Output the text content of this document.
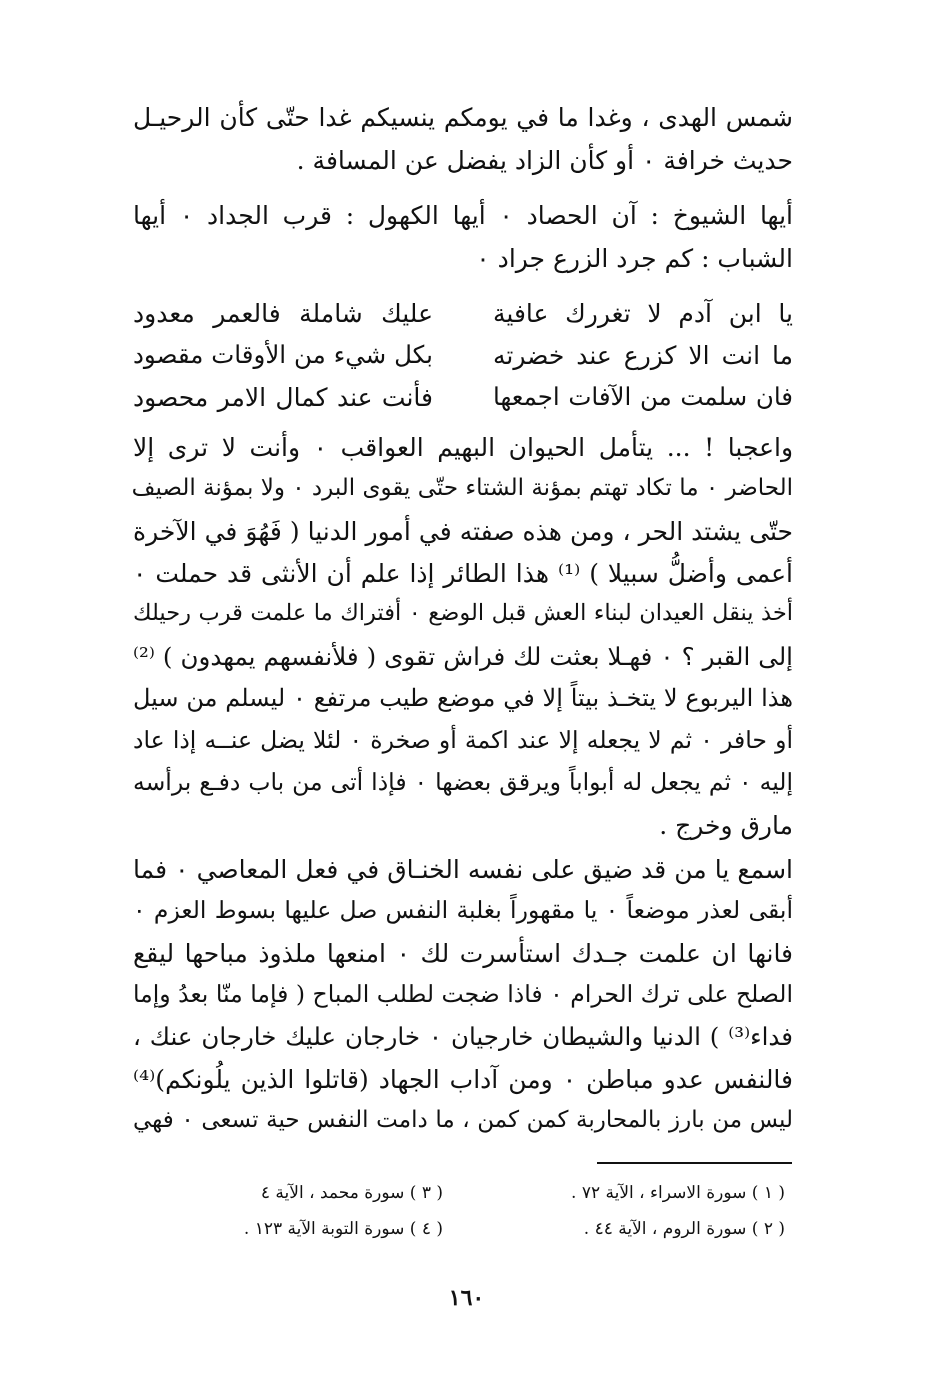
شمس الهدى ، وغدا ما في يومكم ينسيكم غدا حتّى كأن الرحيـل
حديث خرافة ٠ أو كأن الزاد يفضل عن المسافة .
أيها الشيوخ : آن الحصاد ٠ أيها الكهول : قرب الجداد ٠ أيها
الشباب : كم جرد الزرع جراد ٠
يا ابن آدم لا تغررك عافية
عليك شاملة فالعمر معدود
ما انت الا كزرع عند خضرته
بكل شيء من الأوقات مقصود
فان سلمت من الآفات اجمعها
فأنت عند كمال الامر محصود
واعجبا ! ... يتأمل الحيوان البهيم العواقب ٠ وأنت لا ترى إلا
الحاضر ٠ ما تكاد تهتم بمؤنة الشتاء حتّى يقوى البرد ٠ ولا بمؤنة الصيف
حتّى يشتد الحر ، ومن هذه صفته في أمور الدنيا ( فَهُوَ في الآخرة
أعمى وأضلُّ سبيلا ) ⁽¹⁾ هذا الطائر إذا علم أن الأنثى قد حملت ٠
أخذ ينقل العيدان لبناء العش قبل الوضع ٠ أفتراك ما علمت قرب رحيلك
إلى القبر ؟ ٠ فهـلا بعثت لك فراش تقوى ( فلأنفسهم يمهدون ) ⁽²⁾
هذا اليربوع لا يتخـذ بيتاً إلا في موضع طيب مرتفع ٠ ليسلم من سيل
أو حافر ٠ ثم لا يجعله إلا عند اكمة أو صخرة ٠ لئلا يضل عنــه إذا عاد
إليه ٠ ثم يجعل له أبواباً ويرقق بعضها ٠ فإذا أتى من باب دفـع برأسه
مارق وخرج .
اسمع يا من قد ضيق على نفسه الخنـاق في فعل المعاصي ٠ فما
أبقى لعذر موضعاً ٠ يا مقهوراً بغلبة النفس صل عليها بسوط العزم ٠
فانها ان علمت جـدك استأسرت لك ٠ امنعها ملذوذ مباحها ليقع
الصلح على ترك الحرام ٠ فاذا ضجت لطلب المباح ( فإما منّا بعدُ وإما
فداء⁽³⁾ ) الدنيا والشيطان خارجيان ٠ خارجان عليك خارجان عنك ،
فالنفس عدو مباطن ٠ ومن آداب الجهاد (قاتلوا الذين يلُونكم)⁽⁴⁾
ليس من بارز بالمحاربة كمن كمن ، ما دامت النفس حية تسعى ٠ فهي
( ١ ) سورة الاسراء ، الآية ٧٢ .
( ٢ ) سورة الروم ، الآية ٤٤ .
( ٣ ) سورة محمد ، الآية ٤
( ٤ ) سورة التوبة الآية ١٢٣ .
١٦٠
